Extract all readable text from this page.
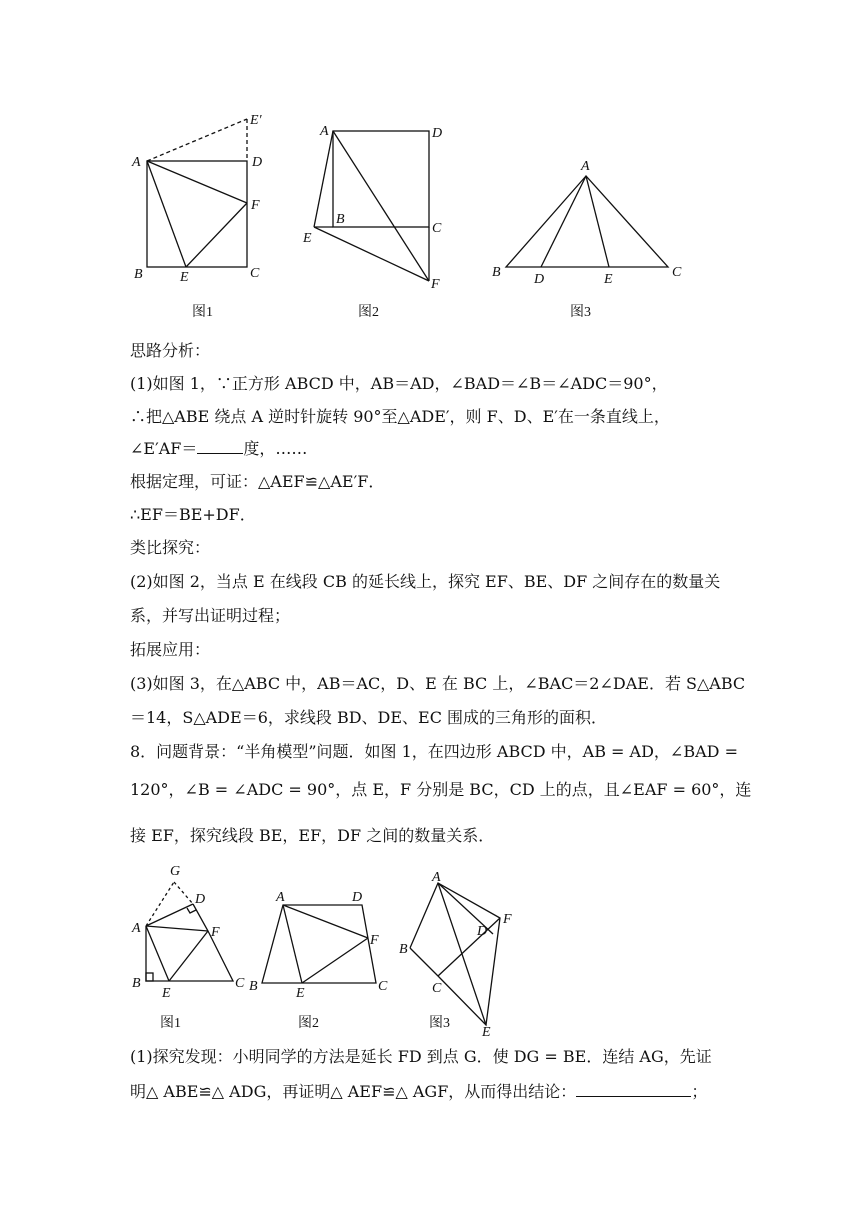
E′
A	D
F
B	E	C
图1
A	D
B
C
E
F
图2
A
B D	E	C
图3
思路分析：
(1)如图 1，∵正方形 ABCD 中，AB＝AD，∠BAD＝∠B＝∠ADC＝90°，
∴把△ABE 绕点 A 逆时针旋转 90°至△ADE′，则 F、D、E′在一条直线上，
∠E′AF＝	度，……
根据定理，可证：△AEF≌△AE′F．
∴EF＝BE+DF．
类比探究：
(2)如图 2，当点 E 在线段 CB 的延长线上，探究 EF、BE、DF 之间存在的数量关
系，并写出证明过程；
拓展应用：
(3)如图 3，在△ABC 中，AB＝AC，D、E 在 BC 上，∠BAC＝2∠DAE．若 S△ABC
＝14，S△ADE＝6，求线段 BD、DE、EC 围成的三角形的面积．
8．问题背景：“半角模型”问题．如图 1，在四边形 ABCD 中，AB = AD，∠BAD =
120°，∠B = ∠ADC = 90°，点 E，F 分别是 BC，CD 上的点，且∠EAF = 60°，连
接 EF，探究线段 BE，EF，DF 之间的数量关系．
G
D
A	F
B
E
C
图1
A	D
F
B	E	C
图2
A
F
D
B
C
E
图3
(1)探究发现：小明同学的方法是延长 FD 到点 G．使 DG = BE．连结 AG，先证
明△ ABE≌△ ADG，再证明△ AEF≌△ AGF，从而得出结论：	；
